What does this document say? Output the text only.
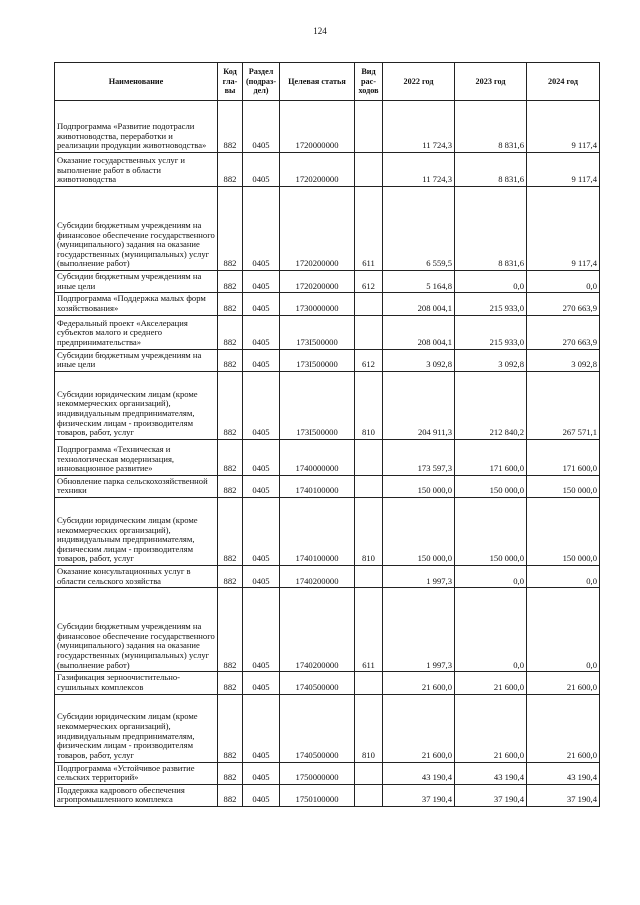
124
Наименование	Код гла- вы	Раздел (подраз- дел)	Целевая статья	Вид рас- ходов	2022 год	2023 год	2024 год
Подпрограмма «Развитие подотрасли животноводства, переработки и реализации продукции животноводства»	882	0405	1720000000		11 724,3	8 831,6	9 117,4
Оказание государственных услуг и выполнение работ в области животноводства	882	0405	1720200000		11 724,3	8 831,6	9 117,4
Субсидии бюджетным учреждениям на финансовое обеспечение государственного (муниципального) задания на оказание государственных (муниципальных) услуг (выполнение работ)	882	0405	1720200000	611	6 559,5	8 831,6	9 117,4
Субсидии бюджетным учреждениям на иные цели	882	0405	1720200000	612	5 164,8	0,0	0,0
Подпрограмма «Поддержка малых форм хозяйствования»	882	0405	1730000000		208 004,1	215 933,0	270 663,9
Федеральный проект «Акселерация субъектов малого и среднего предпринимательства»	882	0405	173I500000		208 004,1	215 933,0	270 663,9
Субсидии бюджетным учреждениям на иные цели	882	0405	173I500000	612	3 092,8	3 092,8	3 092,8
Субсидии юридическим лицам (кроме некоммерческих организаций), индивидуальным предпринимателям, физическим лицам - производителям товаров, работ, услуг	882	0405	173I500000	810	204 911,3	212 840,2	267 571,1
Подпрограмма «Техническая и технологическая модернизация, инновационное развитие»	882	0405	1740000000		173 597,3	171 600,0	171 600,0
Обновление парка сельскохозяйственной техники	882	0405	1740100000		150 000,0	150 000,0	150 000,0
Субсидии юридическим лицам (кроме некоммерческих организаций), индивидуальным предпринимателям, физическим лицам - производителям товаров, работ, услуг	882	0405	1740100000	810	150 000,0	150 000,0	150 000,0
Оказание консультационных услуг в области сельского хозяйства	882	0405	1740200000		1 997,3	0,0	0,0
Субсидии бюджетным учреждениям на финансовое обеспечение государственного (муниципального) задания на оказание государственных (муниципальных) услуг (выполнение работ)	882	0405	1740200000	611	1 997,3	0,0	0,0
Газификация зерноочистительно-сушильных комплексов	882	0405	1740500000		21 600,0	21 600,0	21 600,0
Субсидии юридическим лицам (кроме некоммерческих организаций), индивидуальным предпринимателям, физическим лицам - производителям товаров, работ, услуг	882	0405	1740500000	810	21 600,0	21 600,0	21 600,0
Подпрограмма «Устойчивое развитие сельских территорий»	882	0405	1750000000		43 190,4	43 190,4	43 190,4
Поддержка кадрового обеспечения агропромышленного комплекса	882	0405	1750100000		37 190,4	37 190,4	37 190,4
